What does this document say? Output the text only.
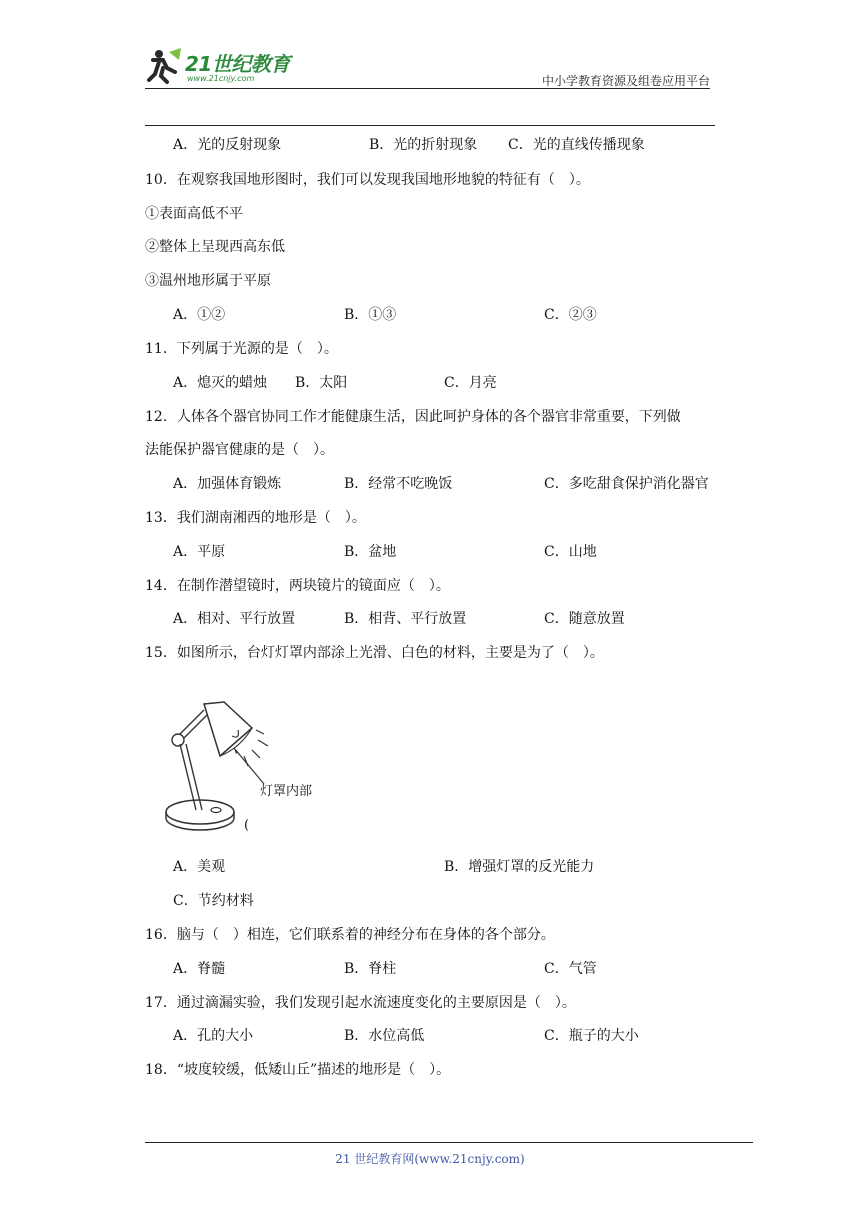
21世纪教育
www.21cnjy.com	中小学教育资源及组卷应用平台
A．光的反射现象	B．光的折射现象 C．光的直线传播现象
10．在观察我国地形图时，我们可以发现我国地形地貌的特征有（　）。
①表面高低不平
②整体上呈现西高东低
③温州地形属于平原
A．①②	B．①③	C．②③
11．下列属于光源的是（　）。
A．熄灭的蜡烛 B．太阳	C．月亮
12．人体各个器官协同工作才能健康生活，因此呵护身体的各个器官非常重要，下列做
法能保护器官健康的是（　）。
A．加强体育锻炼	B．经常不吃晚饭	C．多吃甜食保护消化器官
13．我们湖南湘西的地形是（　）。
A．平原	B．盆地	C．山地
14．在制作潜望镜时，两块镜片的镜面应（　）。
A．相对、平行放置	B．相背、平行放置	C．随意放置
15．如图所示，台灯灯罩内部涂上光滑、白色的材料，主要是为了（　）。
灯罩内部
(
A．美观	B．增强灯罩的反光能力
C．节约材料
16．脑与（　）相连，它们联系着的神经分布在身体的各个部分。
A．脊髓	B．脊柱	C．气管
17．通过滴漏实验，我们发现引起水流速度变化的主要原因是（　）。
A．孔的大小	B．水位高低	C．瓶子的大小
18．“坡度较缓，低矮山丘”描述的地形是（　）。
21 世纪教育网(www.21cnjy.com)
